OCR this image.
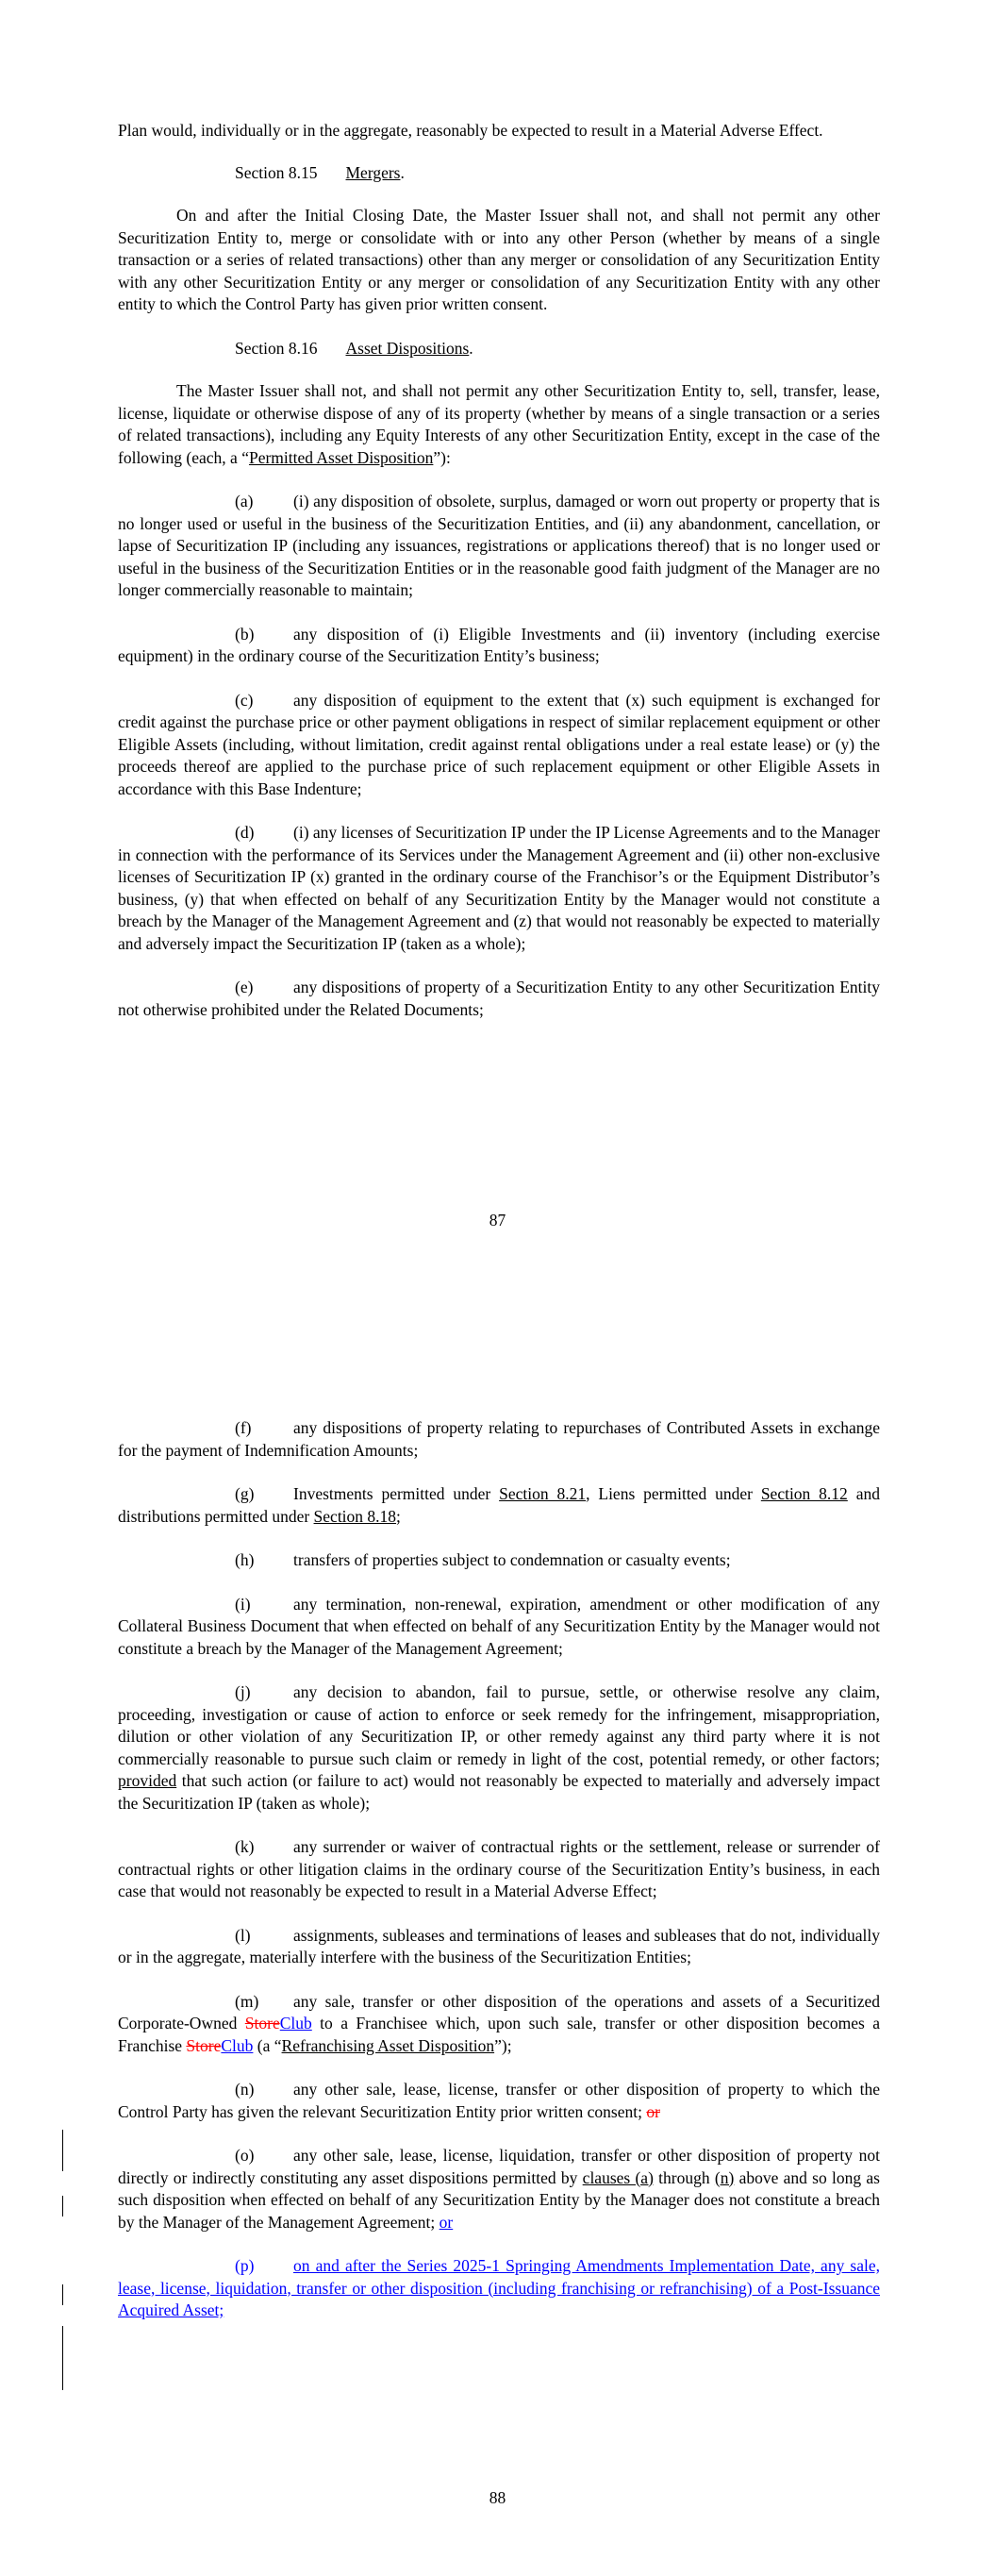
Plan would, individually or in the aggregate, reasonably be expected to result in a Material Adverse Effect.

Section 8.15 Mergers.

On and after the Initial Closing Date, the Master Issuer shall not, and shall not permit any other Securitization Entity to, merge or consolidate with or into any other Person (whether by means of a single transaction or a series of related transactions) other than any merger or consolidation of any Securitization Entity with any other Securitization Entity or any merger or consolidation of any Securitization Entity with any other entity to which the Control Party has given prior written consent.

Section 8.16 Asset Dispositions.

The Master Issuer shall not, and shall not permit any other Securitization Entity to, sell, transfer, lease, license, liquidate or otherwise dispose of any of its property (whether by means of a single transaction or a series of related transactions), including any Equity Interests of any other Securitization Entity, except in the case of the following (each, a “Permitted Asset Disposition”):

(a) (i) any disposition of obsolete, surplus, damaged or worn out property or property that is no longer used or useful in the business of the Securitization Entities, and (ii) any abandonment, cancellation, or lapse of Securitization IP (including any issuances, registrations or applications thereof) that is no longer used or useful in the business of the Securitization Entities or in the reasonable good faith judgment of the Manager are no longer commercially reasonable to maintain;

(b) any disposition of (i) Eligible Investments and (ii) inventory (including exercise equipment) in the ordinary course of the Securitization Entity’s business;

(c) any disposition of equipment to the extent that (x) such equipment is exchanged for credit against the purchase price or other payment obligations in respect of similar replacement equipment or other Eligible Assets (including, without limitation, credit against rental obligations under a real estate lease) or (y) the proceeds thereof are applied to the purchase price of such replacement equipment or other Eligible Assets in accordance with this Base Indenture;

(d) (i) any licenses of Securitization IP under the IP License Agreements and to the Manager in connection with the performance of its Services under the Management Agreement and (ii) other non-exclusive licenses of Securitization IP (x) granted in the ordinary course of the Franchisor’s or the Equipment Distributor’s business, (y) that when effected on behalf of any Securitization Entity by the Manager would not constitute a breach by the Manager of the Management Agreement and (z) that would not reasonably be expected to materially and adversely impact the Securitization IP (taken as a whole);

(e) any dispositions of property of a Securitization Entity to any other Securitization Entity not otherwise prohibited under the Related Documents;

87

(f)	any dispositions of property relating to repurchases of Contributed Assets in exchange for the payment of Indemnification Amounts;

(g) Investments permitted under Section 8.21, Liens permitted under Section 8.12 and distributions permitted under Section 8.18;

(h) transfers of properties subject to condemnation or casualty events;

(i)	any termination, non-renewal, expiration, amendment or other modification of any Collateral Business Document that when effected on behalf of any Securitization Entity by the Manager would not constitute a breach by the Manager of the Management Agreement;

(j)	any decision to abandon, fail to pursue, settle, or otherwise resolve any claim, proceeding, investigation or cause of action to enforce or seek remedy for the infringement, misappropriation, dilution or other violation of any Securitization IP, or other remedy against any third party where it is not commercially reasonable to pursue such claim or remedy in light of the cost, potential remedy, or other factors; provided that such action (or failure to act) would not reasonably be expected to materially and adversely impact the Securitization IP (taken as whole);

(k) any surrender or waiver of contractual rights or the settlement, release or surrender of contractual rights or other litigation claims in the ordinary course of the Securitization Entity’s business, in each case that would not reasonably be expected to result in a Material Adverse Effect;

(l)	assignments, subleases and terminations of leases and subleases that do not, individually or in the aggregate, materially interfere with the business of the Securitization Entities;

(m) any sale, transfer or other disposition of the operations and assets of a Securitized Corporate-Owned StoreClub to a Franchisee which, upon such sale, transfer or other disposition becomes a Franchise StoreClub (a “Refranchising Asset Disposition”);

(n) any other sale, lease, license, transfer or other disposition of property to which the Control Party has given the relevant Securitization Entity prior written consent; or

(o) any other sale, lease, license, liquidation, transfer or other disposition of property not directly or indirectly constituting any asset dispositions permitted by clauses (a) through (n) above and so long as such disposition when effected on behalf of any Securitization Entity by the Manager does not constitute a breach by the Manager of the Management Agreement; or

(p) on and after the Series 2025-1 Springing Amendments Implementation Date, any sale, lease, license, liquidation, transfer or other disposition (including franchising or refranchising) of a Post-Issuance Acquired Asset;

88
